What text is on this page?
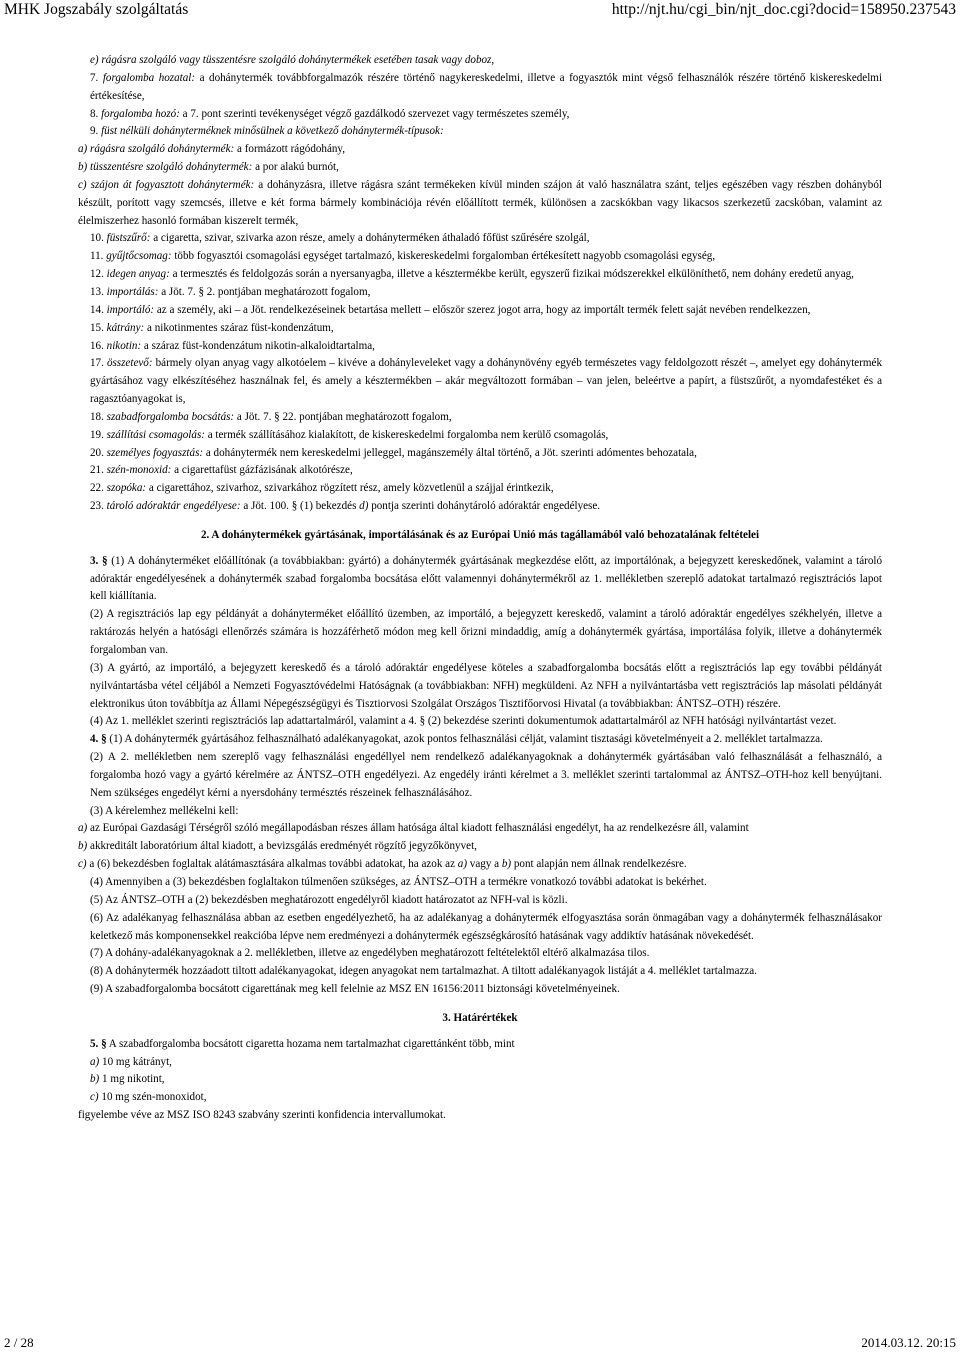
MHK Jogszabály szolgáltatás	http://njt.hu/cgi_bin/njt_doc.cgi?docid=158950.237543

e) rágásra szolgáló vagy tüsszentésre szolgáló dohánytermékek esetében tasak vagy doboz,

7. forgalomba hozatal: a dohánytermék továbbforgalmazók részére történő nagykereskedelmi, illetve a fogyasztók mint végső felhasználók részére történő kiskereskedelmi értékesítése,

8. forgalomba hozó: a 7. pont szerinti tevékenységet végző gazdálkodó szervezet vagy természetes személy,

9. füst nélküli dohányterméknek minősülnek a következő dohánytermék-típusok:

a) rágásra szolgáló dohánytermék: a formázott rágódohány,

b) tüsszentésre szolgáló dohánytermék: a por alakú burnót,

c) szájon át fogyasztott dohánytermék: a dohányzásra, illetve rágásra szánt termékeken kívül minden szájon át való használatra szánt, teljes egészében vagy részben dohányból készült, porított vagy szemcsés, illetve e két forma bármely kombinációja révén előállított termék, különösen a zacskókban vagy likacsos szerkezetű zacskóban, valamint az élelmiszerhez hasonló formában kiszerelt termék,

10. füstszűrő: a cigaretta, szivar, szivarka azon része, amely a dohányterméken áthaladó főfüst szűrésére szolgál,

11. gyűjtőcsomag: több fogyasztói csomagolási egységet tartalmazó, kiskereskedelmi forgalomban értékesített nagyobb csomagolási egység,

12. idegen anyag: a termesztés és feldolgozás során a nyersanyagba, illetve a késztermékbe került, egyszerű fizikai módszerekkel elkülöníthető, nem dohány eredetű anyag,

13. importálás: a Jöt. 7. § 2. pontjában meghatározott fogalom,

14. importáló: az a személy, aki – a Jöt. rendelkezéseinek betartása mellett – először szerez jogot arra, hogy az importált termék felett saját nevében rendelkezzen,

15. kátrány: a nikotinmentes száraz füst-kondenzátum,

16. nikotin: a száraz füst-kondenzátum nikotin-alkaloidtartalma,

17. összetevő: bármely olyan anyag vagy alkotóelem – kivéve a dohányleveleket vagy a dohánynövény egyéb természetes vagy feldolgozott részét –, amelyet egy dohánytermék gyártásához vagy elkészítéséhez használnak fel, és amely a késztermékben – akár megváltozott formában – van jelen, beleértve a papírt, a füstszűrőt, a nyomdafestéket és a ragasztóanyagokat is,

18. szabadforgalomba bocsátás: a Jöt. 7. § 22. pontjában meghatározott fogalom,

19. szállítási csomagolás: a termék szállításához kialakított, de kiskereskedelmi forgalomba nem kerülő csomagolás,

20. személyes fogyasztás: a dohánytermék nem kereskedelmi jelleggel, magánszemély által történő, a Jöt. szerinti adómentes behozatala,

21. szén-monoxid: a cigarettafüst gázfázisának alkotórésze,

22. szopóka: a cigarettához, szivarhoz, szivarkához rögzített rész, amely közvetlenül a szájjal érintkezik,

23. tároló adóraktár engedélyese: a Jöt. 100. § (1) bekezdés d) pontja szerinti dohánytároló adóraktár engedélyese.

2. A dohánytermékek gyártásának, importálásának és az Európai Unió más tagállamából való behozatalának feltételei

3. § (1) A dohányterméket előállítónak (a továbbiakban: gyártó) a dohánytermék gyártásának megkezdése előtt, az importálónak, a bejegyzett kereskedőnek, valamint a tároló adóraktár engedélyesének a dohánytermék szabad forgalomba bocsátása előtt valamennyi dohánytermékről az 1. mellékletben szereplő adatokat tartalmazó regisztrációs lapot kell kiállítania.

(2) A regisztrációs lap egy példányát a dohányterméket előállító üzemben, az importáló, a bejegyzett kereskedő, valamint a tároló adóraktár engedélyes székhelyén, illetve a raktározás helyén a hatósági ellenőrzés számára is hozzáférhető módon meg kell őrizni mindaddig, amíg a dohánytermék gyártása, importálása folyik, illetve a dohánytermék forgalomban van.

(3) A gyártó, az importáló, a bejegyzett kereskedő és a tároló adóraktár engedélyese köteles a szabadforgalomba bocsátás előtt a regisztrációs lap egy további példányát nyilvántartásba vétel céljából a Nemzeti Fogyasztóvédelmi Hatóságnak (a továbbiakban: NFH) megküldeni. Az NFH a nyilvántartásba vett regisztrációs lap másolati példányát elektronikus úton továbbítja az Állami Népegészségügyi és Tisztiorvosi Szolgálat Országos Tisztifőorvosi Hivatal (a továbbiakban: ÁNTSZ–OTH) részére.

(4) Az 1. melléklet szerinti regisztrációs lap adattartalmáról, valamint a 4. § (2) bekezdése szerinti dokumentumok adattartalmáról az NFH hatósági nyilvántartást vezet.

4. § (1) A dohánytermék gyártásához felhasználható adalékanyagokat, azok pontos felhasználási célját, valamint tisztasági követelményeit a 2. melléklet tartalmazza.

(2) A 2. mellékletben nem szereplő vagy felhasználási engedéllyel nem rendelkező adalékanyagoknak a dohánytermék gyártásában való felhasználását a felhasználó, a forgalomba hozó vagy a gyártó kérelmére az ÁNTSZ–OTH engedélyezi. Az engedély iránti kérelmet a 3. melléklet szerinti tartalommal az ÁNTSZ–OTH-hoz kell benyújtani. Nem szükséges engedélyt kérni a nyersdohány természtés részeinek felhasználásához.

(3) A kérelemhez mellékelni kell:

a) az Európai Gazdasági Térségről szóló megállapodásban részes állam hatósága által kiadott felhasználási engedélyt, ha az rendelkezésre áll, valamint

b) akkreditált laboratórium által kiadott, a bevizsgálás eredményét rögzítő jegyzőkönyvet,

c) a (6) bekezdésben foglaltak alátámasztására alkalmas további adatokat, ha azok az a) vagy a b) pont alapján nem állnak rendelkezésre.

(4) Amennyiben a (3) bekezdésben foglaltakon túlmenően szükséges, az ÁNTSZ–OTH a termékre vonatkozó további adatokat is bekérhet.

(5) Az ÁNTSZ–OTH a (2) bekezdésben meghatározott engedélyről kiadott határozatot az NFH-val is közli.

(6) Az adalékanyag felhasználása abban az esetben engedélyezhető, ha az adalékanyag a dohánytermék elfogyasztása során önmagában vagy a dohánytermék felhasználásakor keletkező más komponensekkel reakcióba lépve nem eredményezi a dohánytermék egészségkárosító hatásának vagy addiktív hatásának növekedését.

(7) A dohány-adalékanyagoknak a 2. mellékletben, illetve az engedélyben meghatározott feltételektől eltérő alkalmazása tilos.

(8) A dohánytermék hozzáadott tiltott adalékanyagokat, idegen anyagokat nem tartalmazhat. A tiltott adalékanyagok listáját a 4. melléklet tartalmazza.

(9) A szabadforgalomba bocsátott cigarettának meg kell felelnie az MSZ EN 16156:2011 biztonsági követelményeinek.

3. Határértékek

5. § A szabadforgalomba bocsátott cigaretta hozama nem tartalmazhat cigarettánként több, mint

a) 10 mg kátrányt,

b) 1 mg nikotint,

c) 10 mg szén-monoxidot,

figyelembe véve az MSZ ISO 8243 szabvány szerinti konfidencia intervallumokat.

2 / 28	2014.03.12. 20:15
